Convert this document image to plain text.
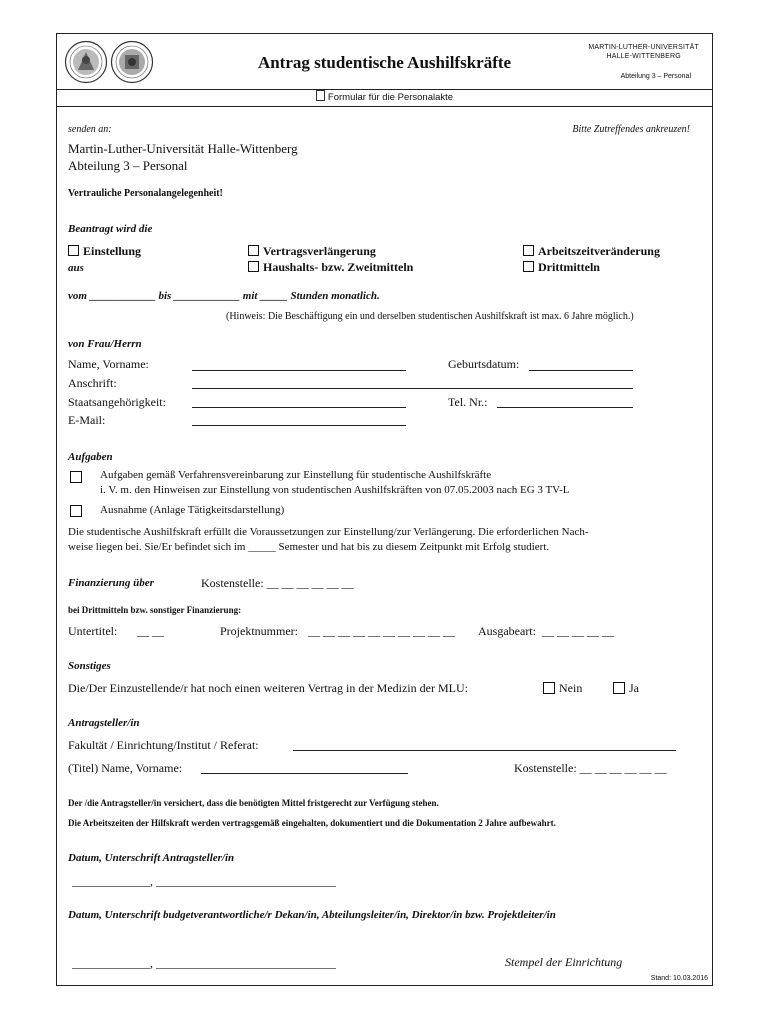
Antrag studentische Aushilfskräfte
MARTIN-LUTHER-UNIVERSITÄT
HALLE-WITTENBERG
Abteilung 3 – Personal
Formular für die Personalakte
senden an:	Bitte Zutreffendes ankreuzen!
Martin-Luther-Universität Halle-Wittenberg
Abteilung 3 – Personal
Vertrauliche Personalangelegenheit!
Beantragt wird die
Einstellung	Vertragsverlängerung	Arbeitszeitveränderung
aus	Haushalts- bzw. Zweitmitteln	Drittmitteln
vom ____________ bis ____________ mit _____ Stunden monatlich.
(Hinweis: Die Beschäftigung ein und derselben studentischen Aushilfskraft ist max. 6 Jahre möglich.)
von Frau/Herrn
Name, Vorname:	Geburtsdatum:
Anschrift:
Staatsangehörigkeit:	Tel. Nr.:
E-Mail:
Aufgaben
Aufgaben gemäß Verfahrensvereinbarung zur Einstellung für studentische Aushilfskräfte
i. V. m. den Hinweisen zur Einstellung von studentischen Aushilfskräften von 07.05.2003 nach EG 3 TV-L
Ausnahme (Anlage Tätigkeitsdarstellung)
Die studentische Aushilfskraft erfüllt die Voraussetzungen zur Einstellung/zur Verlängerung. Die erforderlichen Nach-
weise liegen bei. Sie/Er befindet sich im _____ Semester und hat bis zu diesem Zeitpunkt mit Erfolg studiert.
Finanzierung über	Kostenstelle: __ __ __ __ __ __
bei Drittmitteln bzw. sonstiger Finanzierung:
Untertitel: __ __	Projektnummer: __ __ __ __ __ __ __ __ __ __ Ausgabeart: __ __ __ __ __
Sonstiges
Die/Der Einzustellende/r hat noch einen weiteren Vertrag in der Medizin der MLU:	Nein	Ja
Antragsteller/in
Fakultät / Einrichtung/Institut / Referat:
(Titel) Name, Vorname:	Kostenstelle: __ __ __ __ __ __
Der /die Antragsteller/in versichert, dass die benötigten Mittel fristgerecht zur Verfügung stehen.
Die Arbeitszeiten der Hilfskraft werden vertragsgemäß eingehalten, dokumentiert und die Dokumentation 2 Jahre aufbewahrt.
Datum, Unterschrift Antragsteller/in
_____________, ______________________________
Datum, Unterschrift budgetverantwortliche/r Dekan/in, Abteilungsleiter/in, Direktor/in bzw. Projektleiter/in
_____________, ______________________________	Stempel der Einrichtung
Stand: 10.03.2016
